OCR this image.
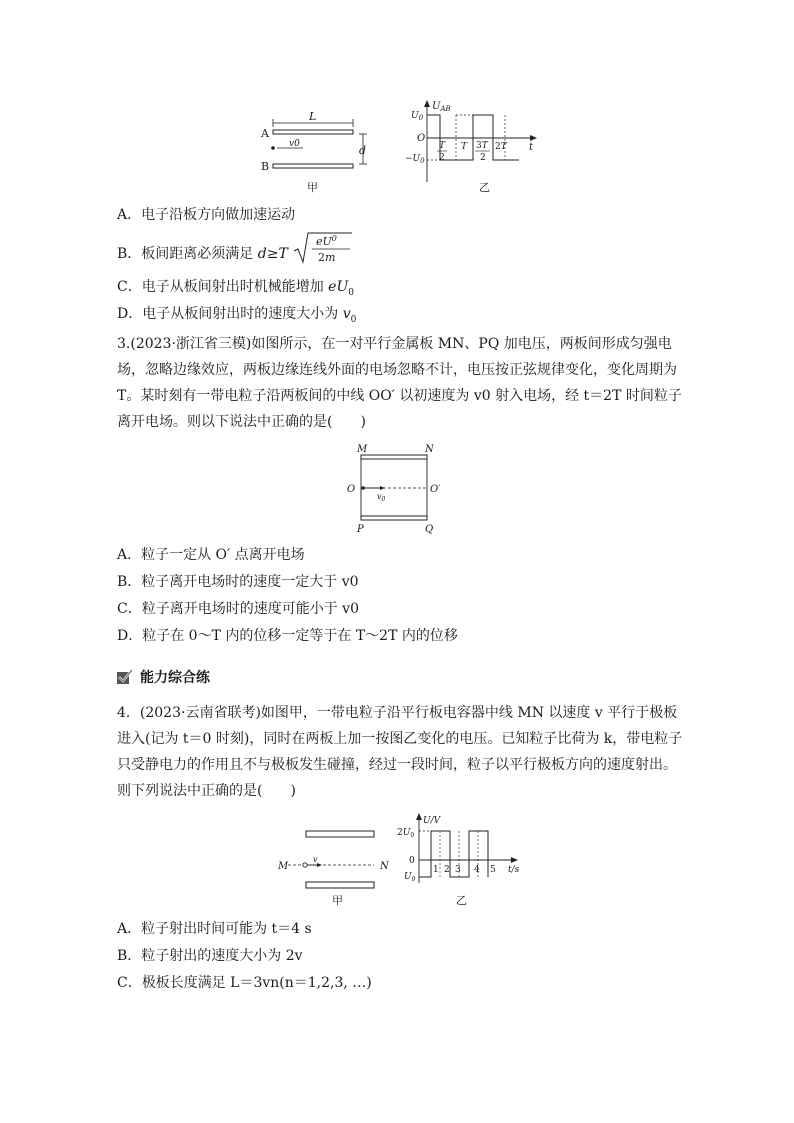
A
L
v0
B
d
甲
$U_{AB}$
t
$U_0$
O
$-U_0$
T
2
T 3T
2
2T
乙
A．电子沿板方向做加速运动
B．板间距离必须满足 d≥T
$eU^0$
2m
C．电子从板间射出时机械能增加 $eU_0$
D．电子从板间射出时的速度大小为 $v_0$
3.(2023·浙江省三模)如图所示，在一对平行金属板 MN、PQ 加电压，两板间形成匀强电场，忽略边缘效应，两板边缘连线外面的电场忽略不计，电压按正弦规律变化，变化周期为 T。某时刻有一带电粒子沿两板间的中线 OO′ 以初速度为 v0 射入电场，经 t＝2T 时间粒子离开电场。则以下说法中正确的是(　　)
M	N
O
$v_0$
O′
P	Q
A．粒子一定从 O′ 点离开电场
B．粒子离开电场时的速度一定大于 v0
C．粒子离开电场时的速度可能小于 v0
D．粒子在 0～T 内的位移一定等于在 T～2T 内的位移
能力综合练
4．(2023·云南省联考)如图甲，一带电粒子沿平行板电容器中线 MN 以速度 v 平行于极板进入(记为 t＝0 时刻)，同时在两板上加一按图乙变化的电压。已知粒子比荷为 k，带电粒子只受静电力的作用且不与极板发生碰撞，经过一段时间，粒子以平行极板方向的速度射出。则下列说法中正确的是(　　)
M
v
N
甲
U/V
$2U_0$
0
$U_0$
t/s
1 2 3 4 5
乙
A．粒子射出时间可能为 t＝4 s
B．粒子射出的速度大小为 2v
C．极板长度满足 L＝3vn(n＝1,2,3, …)
